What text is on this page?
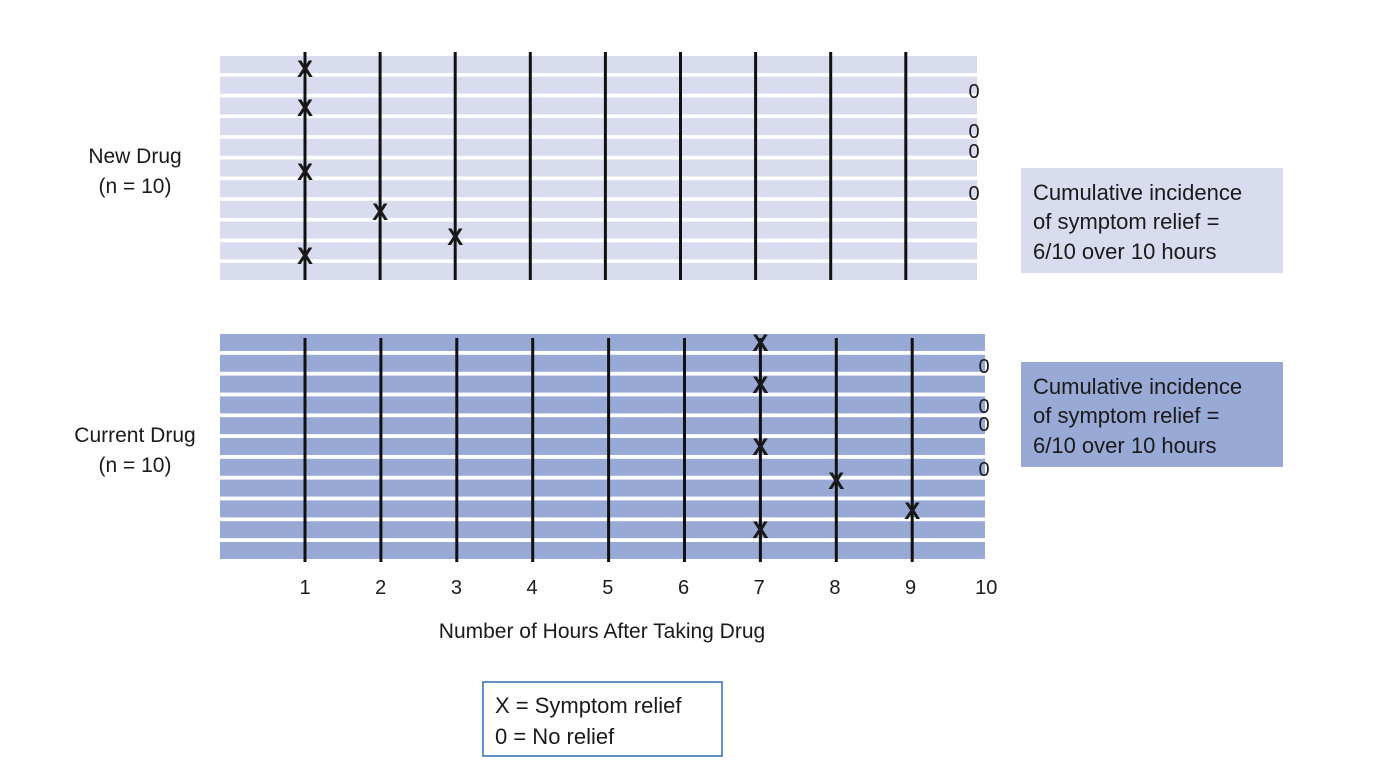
X
X
X
X
X
X
X
X
X
X
X
X
0
0
0
0
0
0
0
0
New Drug
(n = 10)
Current Drug
(n = 10)
Cumulative incidence
of symptom relief =
6/10 over 10 hours
Cumulative incidence
of symptom relief =
6/10 over 10 hours
1	2	3	4	5	6	7	8	9	10
Number of Hours After Taking Drug
X = Symptom relief
0 = No relief
